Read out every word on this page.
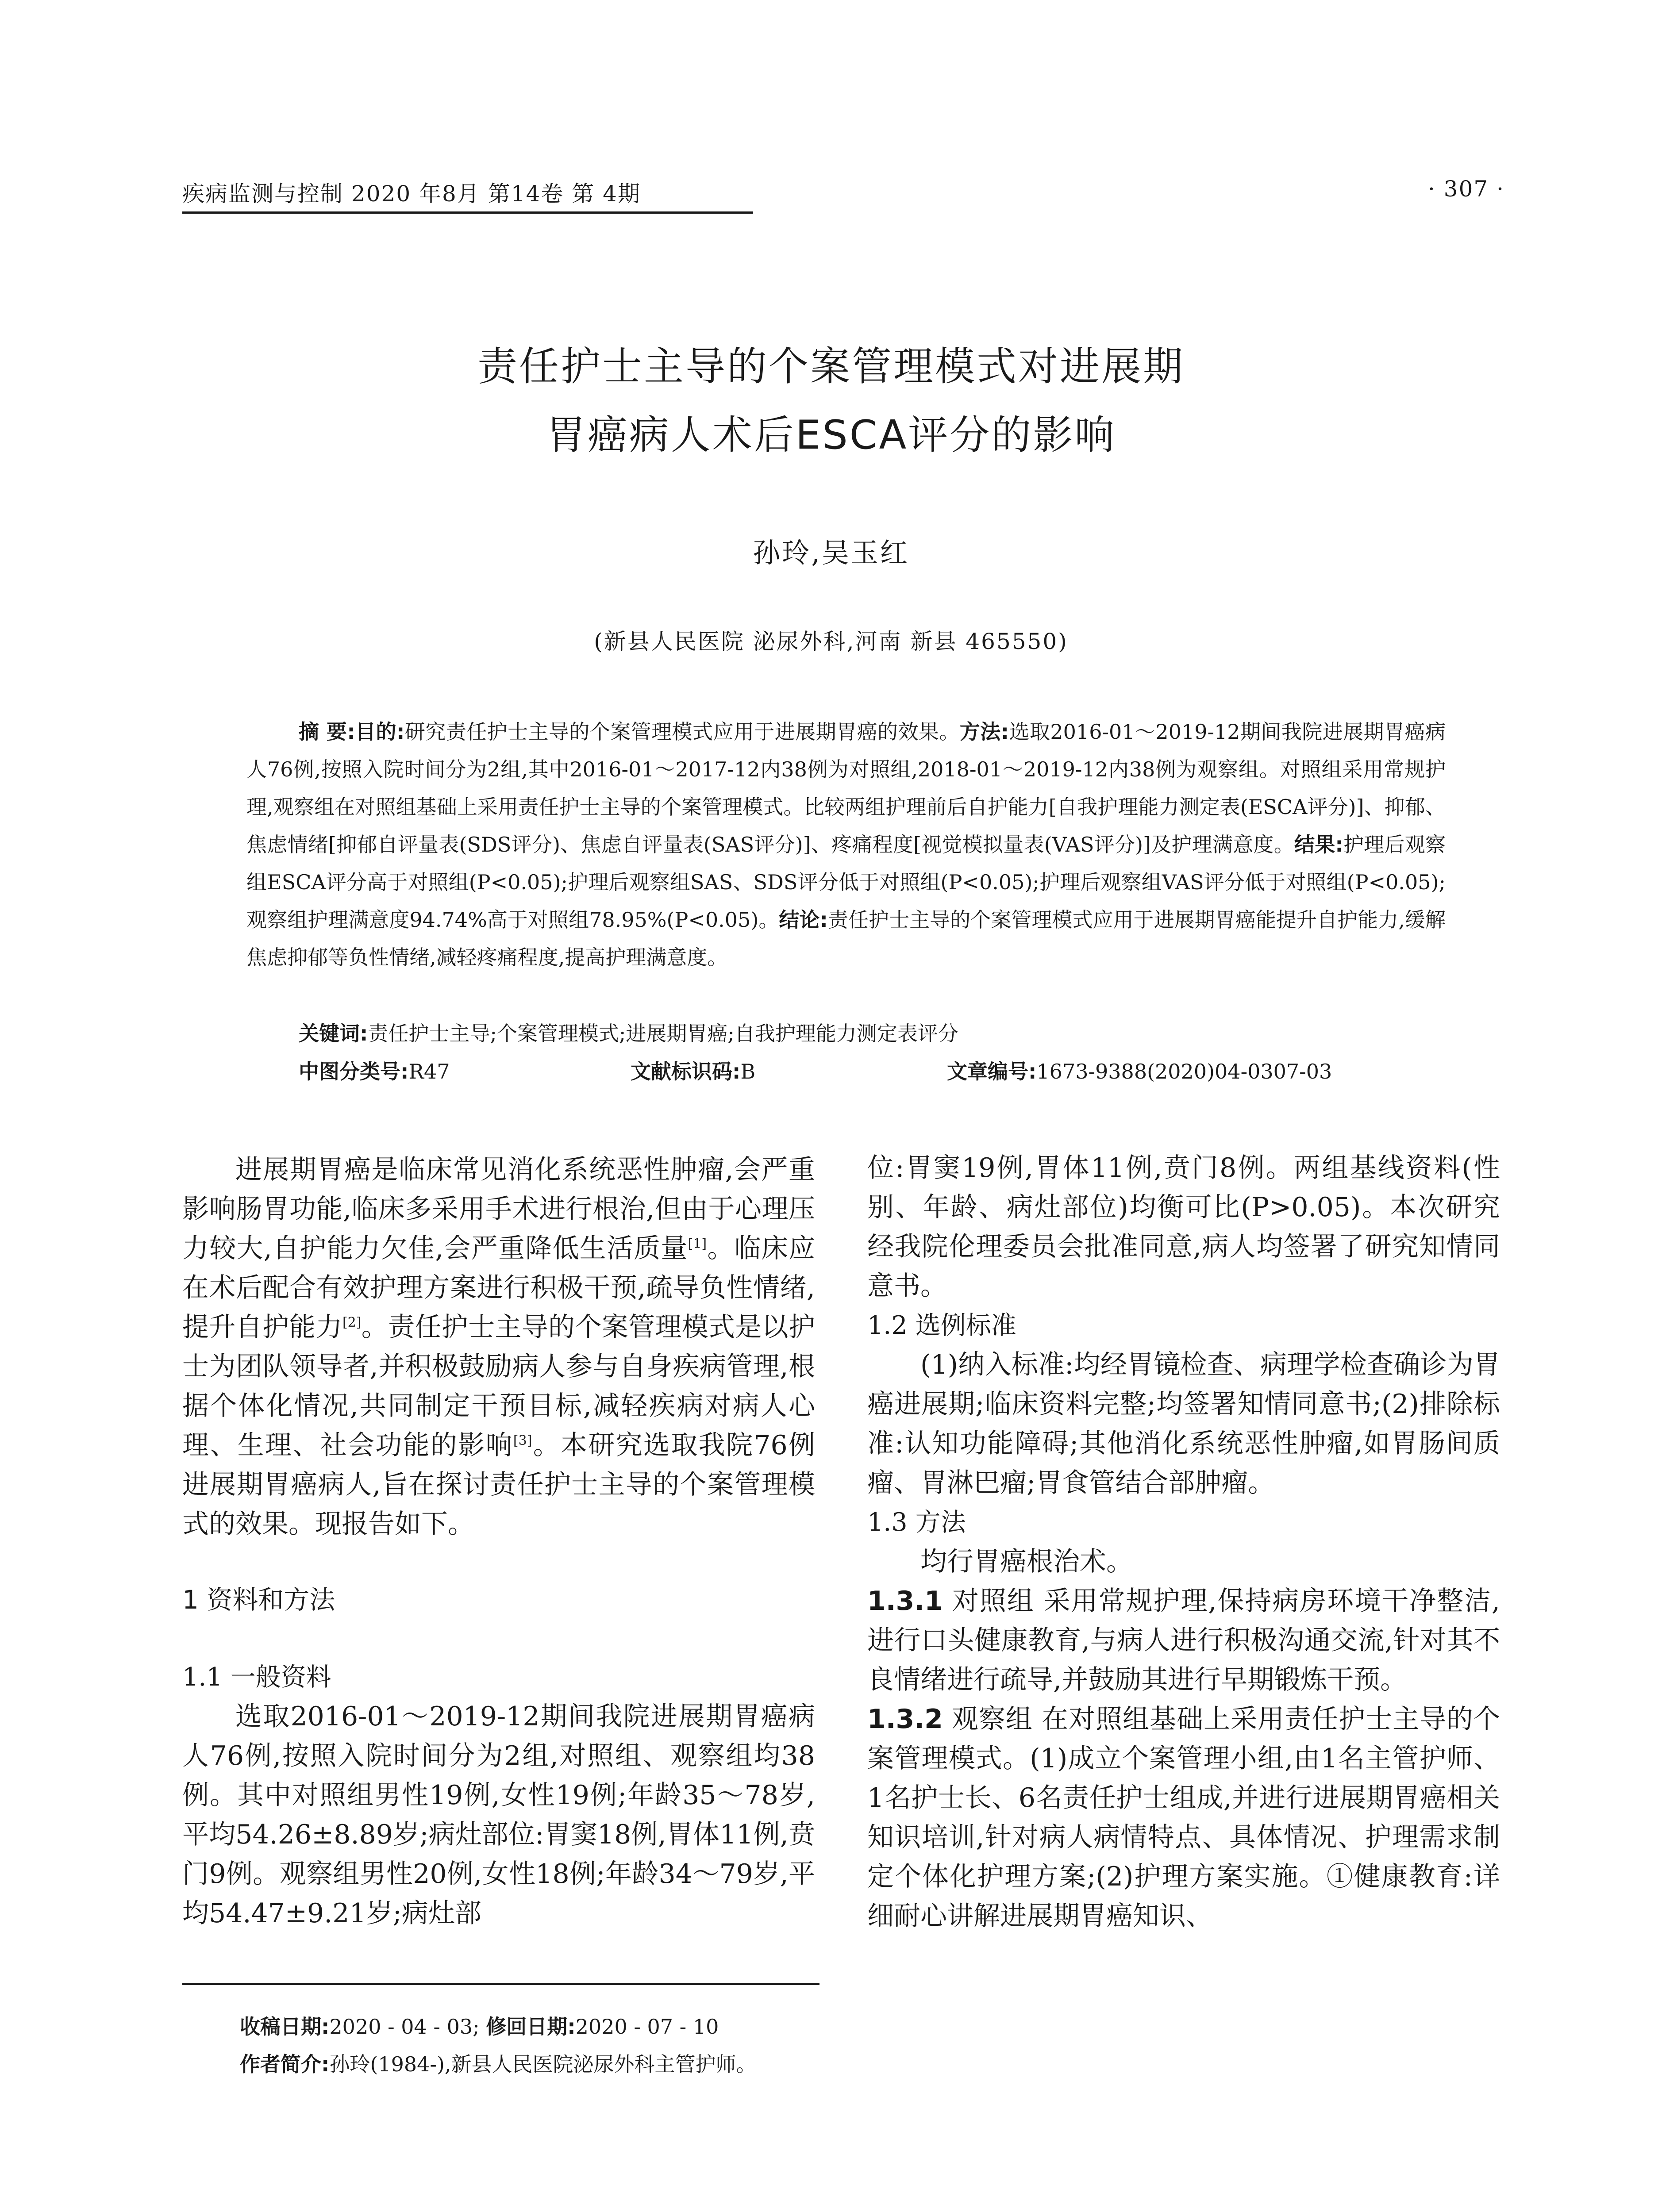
疾病监测与控制 2020 年8月 第14卷 第 4期	· 307 ·
责任护士主导的个案管理模式对进展期
胃癌病人术后ESCA评分的影响
孙玲,吴玉红
(新县人民医院 泌尿外科,河南 新县 465550)
摘 要:目的:研究责任护士主导的个案管理模式应用于进展期胃癌的效果。方法:选取2016-01～2019-12期间我院进展期胃癌病人76例,按照入院时间分为2组,其中2016-01～2017-12内38例为对照组,2018-01～2019-12内38例为观察组。对照组采用常规护理,观察组在对照组基础上采用责任护士主导的个案管理模式。比较两组护理前后自护能力[自我护理能力测定表(ESCA评分)]、抑郁、焦虑情绪[抑郁自评量表(SDS评分)、焦虑自评量表(SAS评分)]、疼痛程度[视觉模拟量表(VAS评分)]及护理满意度。结果:护理后观察组ESCA评分高于对照组(P<0.05);护理后观察组SAS、SDS评分低于对照组(P<0.05);护理后观察组VAS评分低于对照组(P<0.05);观察组护理满意度94.74%高于对照组78.95%(P<0.05)。结论:责任护士主导的个案管理模式应用于进展期胃癌能提升自护能力,缓解焦虑抑郁等负性情绪,减轻疼痛程度,提高护理满意度。
关键词:责任护士主导;个案管理模式;进展期胃癌;自我护理能力测定表评分
中图分类号:R47	文献标识码:B	文章编号:1673-9388(2020)04-0307-03

进展期胃癌是临床常见消化系统恶性肿瘤,会严重影响肠胃功能,临床多采用手术进行根治,但由于心理压力较大,自护能力欠佳,会严重降低生活质量[1]。临床应在术后配合有效护理方案进行积极干预,疏导负性情绪,提升自护能力[2]。责任护士主导的个案管理模式是以护士为团队领导者,并积极鼓励病人参与自身疾病管理,根据个体化情况,共同制定干预目标,减轻疾病对病人心理、生理、社会功能的影响[3]。本研究选取我院76例进展期胃癌病人,旨在探讨责任护士主导的个案管理模式的效果。现报告如下。

1 资料和方法
1.1 一般资料

选取2016-01～2019-12期间我院进展期胃癌病人76例,按照入院时间分为2组,对照组、观察组均38例。其中对照组男性19例,女性19例;年龄35～78岁,平均54.26±8.89岁;病灶部位:胃窦18例,胃体11例,贲门9例。观察组男性20例,女性18例;年龄34～79岁,平均54.47±9.21岁;病灶部

位:胃窦19例,胃体11例,贲门8例。两组基线资料(性别、年龄、病灶部位)均衡可比(P>0.05)。本次研究经我院伦理委员会批准同意,病人均签署了研究知情同意书。

1.2 选例标准

(1)纳入标准:均经胃镜检查、病理学检查确诊为胃癌进展期;临床资料完整;均签署知情同意书;(2)排除标准:认知功能障碍;其他消化系统恶性肿瘤,如胃肠间质瘤、胃淋巴瘤;胃食管结合部肿瘤。

1.3 方法

均行胃癌根治术。

1.3.1 对照组 采用常规护理,保持病房环境干净整洁,进行口头健康教育,与病人进行积极沟通交流,针对其不良情绪进行疏导,并鼓励其进行早期锻炼干预。

1.3.2 观察组 在对照组基础上采用责任护士主导的个案管理模式。(1)成立个案管理小组,由1名主管护师、1名护士长、6名责任护士组成,并进行进展期胃癌相关知识培训,针对病人病情特点、具体情况、护理需求制定个体化护理方案;(2)护理方案实施。①健康教育:详细耐心讲解进展期胃癌知识、

收稿日期:2020 - 04 - 03; 修回日期:2020 - 07 - 10
作者简介:孙玲(1984-),新县人民医院泌尿外科主管护师。
